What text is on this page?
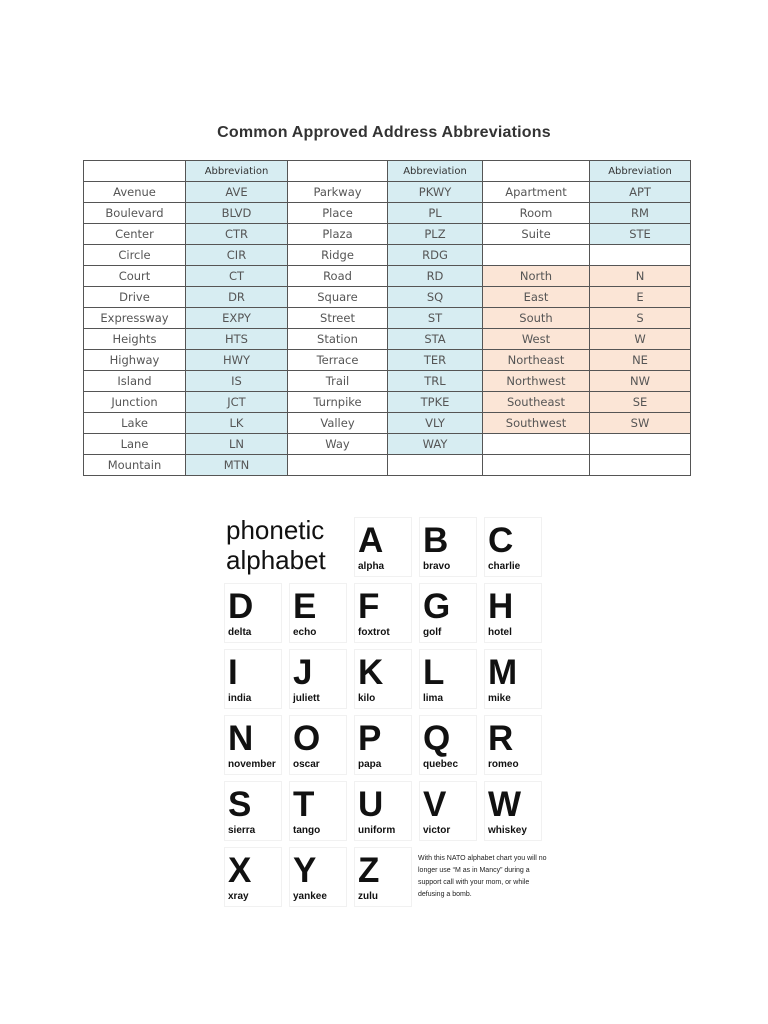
Common Approved Address Abbreviations
	Abbreviation		Abbreviation		Abbreviation
Avenue	AVE	Parkway	PKWY	Apartment	APT
Boulevard	BLVD	Place	PL	Room	RM
Center	CTR	Plaza	PLZ	Suite	STE
Circle	CIR	Ridge	RDG		
Court	CT	Road	RD	North	N
Drive	DR	Square	SQ	East	E
Expressway	EXPY	Street	ST	South	S
Heights	HTS	Station	STA	West	W
Highway	HWY	Terrace	TER	Northeast	NE
Island	IS	Trail	TRL	Northwest	NW
Junction	JCT	Turnpike	TPKE	Southeast	SE
Lake	LK	Valley	VLY	Southwest	SW
Lane	LN	Way	WAY		
Mountain	MTN				
phonetic
alphabet
With this NATO alphabet chart you will no longer use “M as in Mancy” during a support call with your mom, or while defusing a bomb.
A
alpha
B
bravo
C
charlie
D
delta
E
echo
F
foxtrot
G
golf
H
hotel
I
india
J
juliett
K
kilo
L
lima
M
mike
N
november
O
oscar
P
papa
Q
quebec
R
romeo
S
sierra
T
tango
U
uniform
V
victor
W
whiskey
X
xray
Y
yankee
Z
zulu
